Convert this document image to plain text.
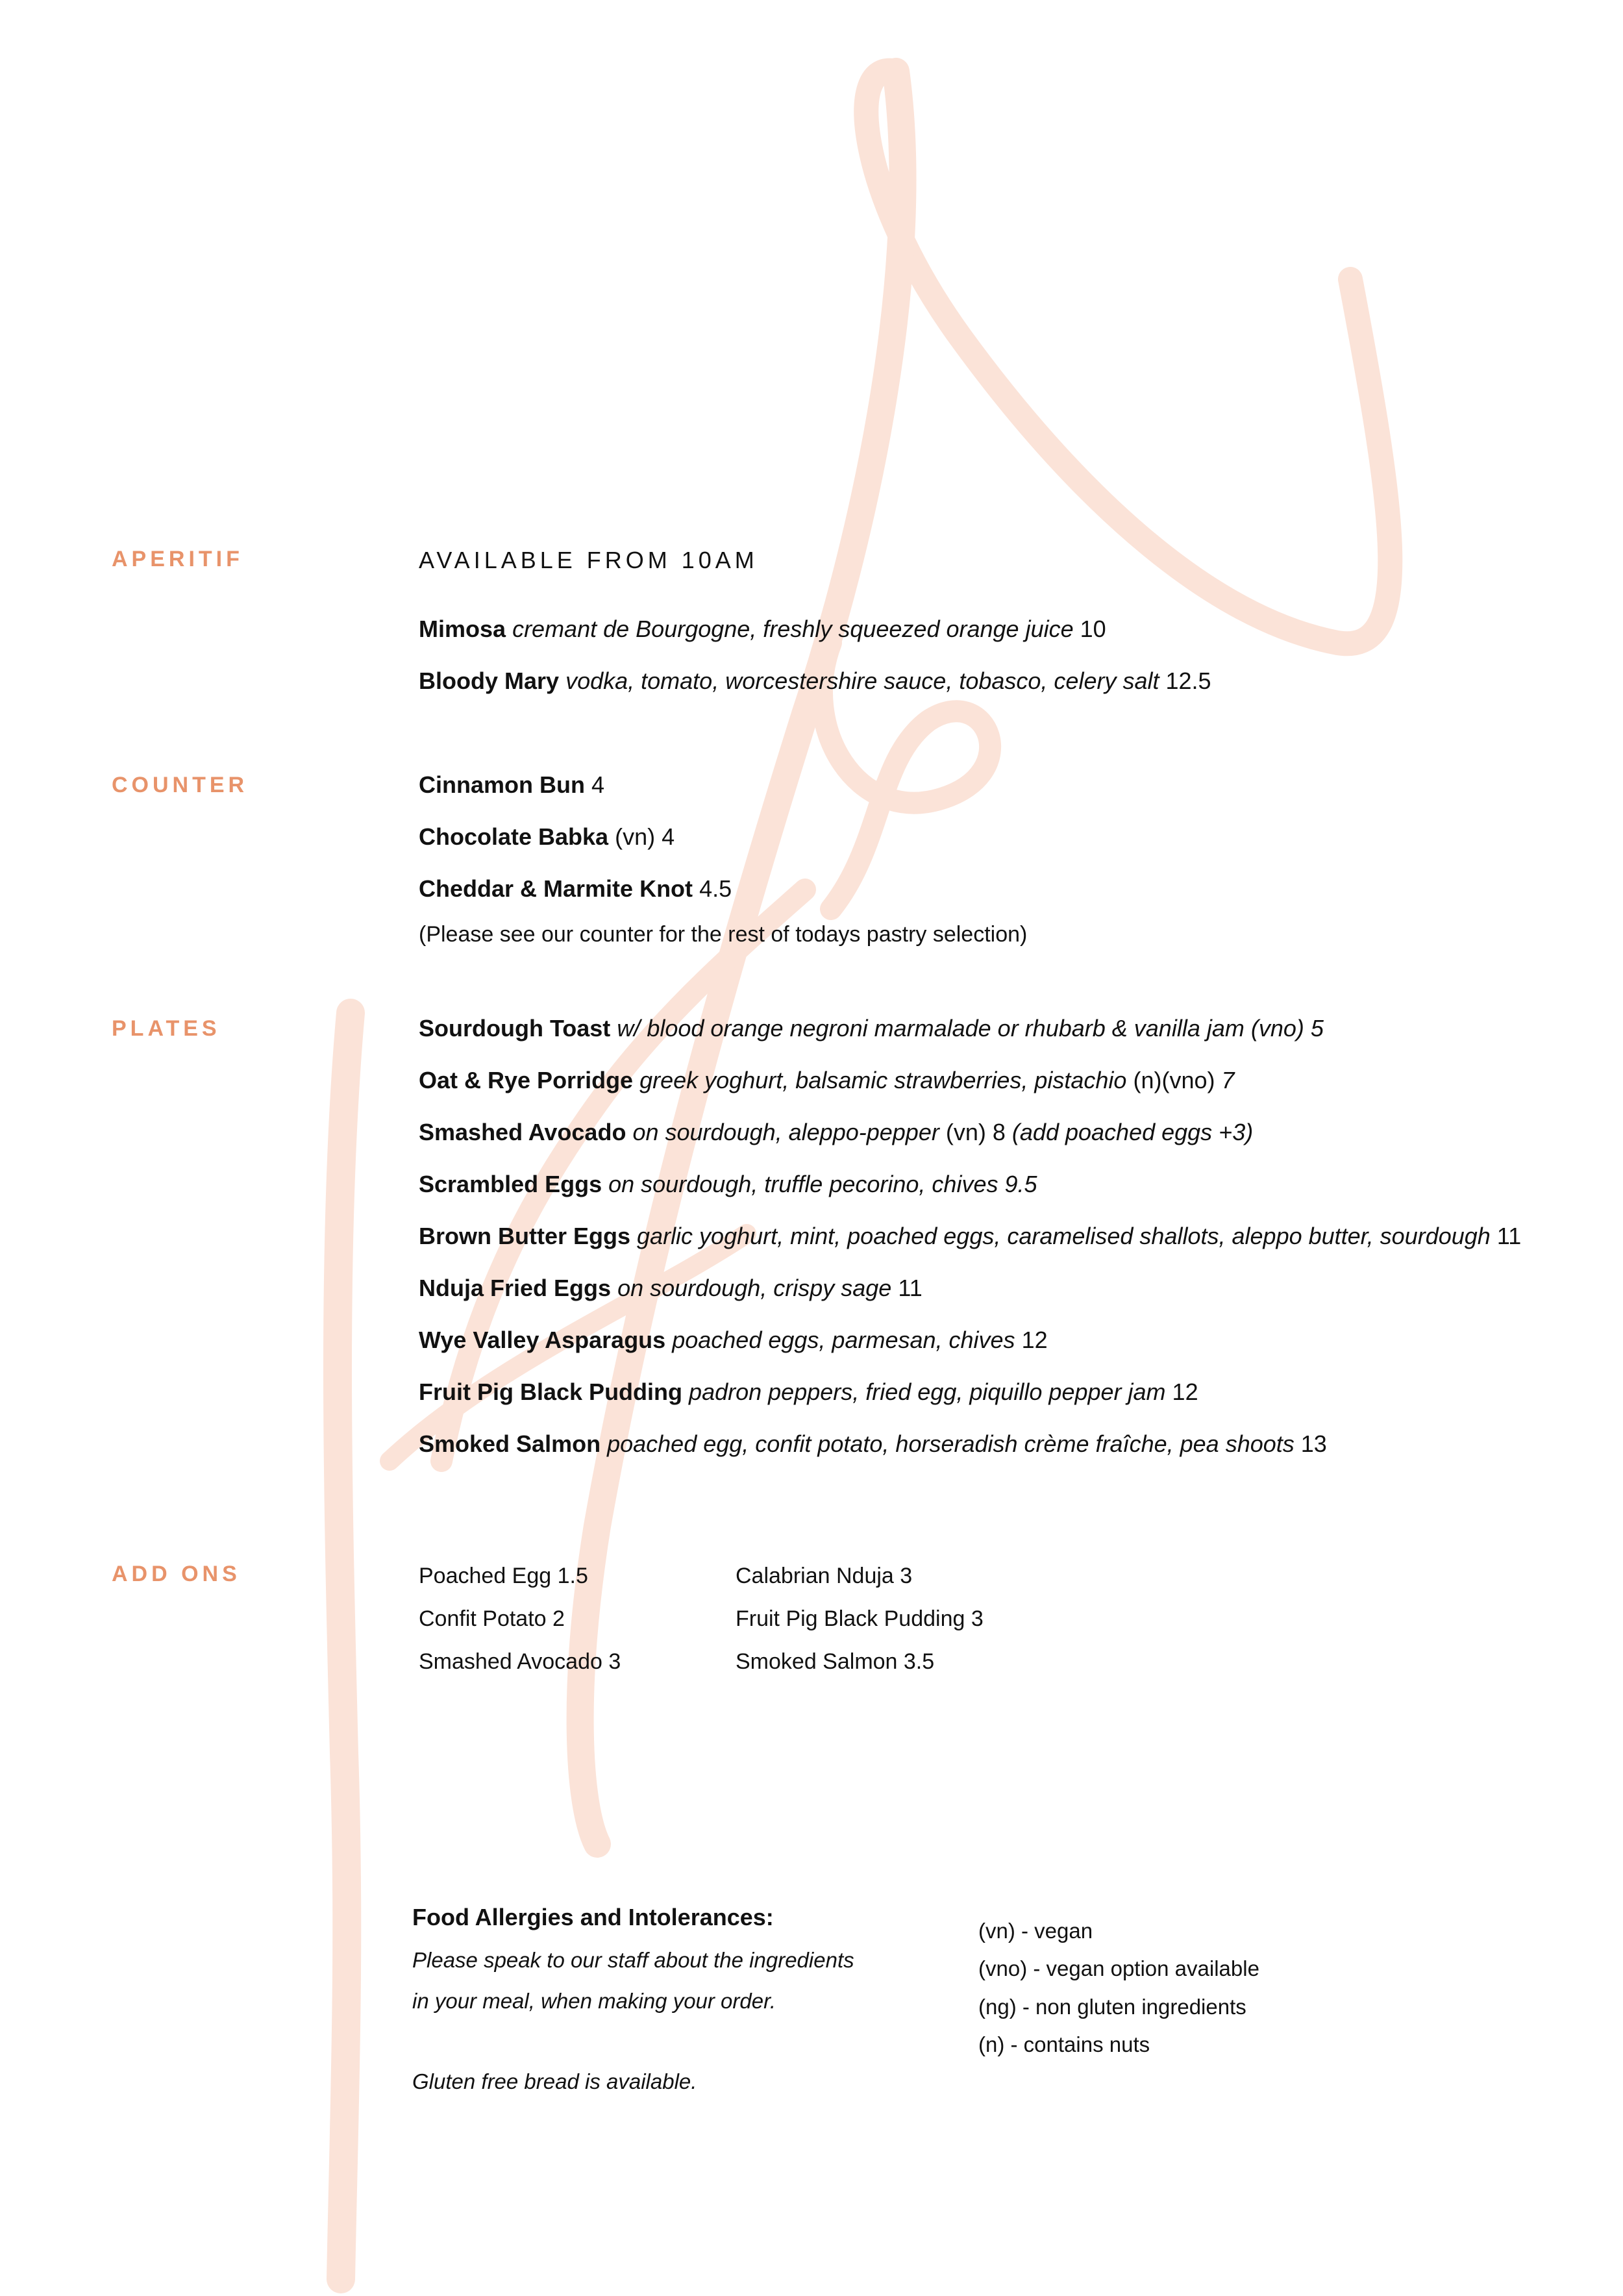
APERITIF	AVAILABLE FROM 10AM
Mimosa cremant de Bourgogne, freshly squeezed orange juice 10
Bloody Mary vodka, tomato, worcestershire sauce, tobasco, celery salt 12.5
COUNTER	Cinnamon Bun 4
Chocolate Babka (vn) 4
Cheddar & Marmite Knot 4.5
(Please see our counter for the rest of todays pastry selection)
PLATES	Sourdough Toast w/ blood orange negroni marmalade or rhubarb & vanilla jam (vno) 5
Oat & Rye Porridge greek yoghurt, balsamic strawberries, pistachio (n)(vno) 7
Smashed Avocado on sourdough, aleppo-pepper (vn) 8 (add poached eggs +3)
Scrambled Eggs on sourdough, truffle pecorino, chives 9.5
Brown Butter Eggs garlic yoghurt, mint, poached eggs, caramelised shallots, aleppo butter, sourdough 11
Nduja Fried Eggs on sourdough, crispy sage 11
Wye Valley Asparagus poached eggs, parmesan, chives 12
Fruit Pig Black Pudding padron peppers, fried egg, piquillo pepper jam 12
Smoked Salmon poached egg, confit potato, horseradish crème fraîche, pea shoots 13
ADD ONS	Poached Egg 1.5
Confit Potato 2
Smashed Avocado 3
Calabrian Nduja 3
Fruit Pig Black Pudding 3
Smoked Salmon 3.5
Food Allergies and Intolerances:
Please speak to our staff about the ingredients
in your meal, when making your order.
Gluten free bread is available.
(vn) - vegan
(vno) - vegan option available
(ng) - non gluten ingredients
(n) - contains nuts
